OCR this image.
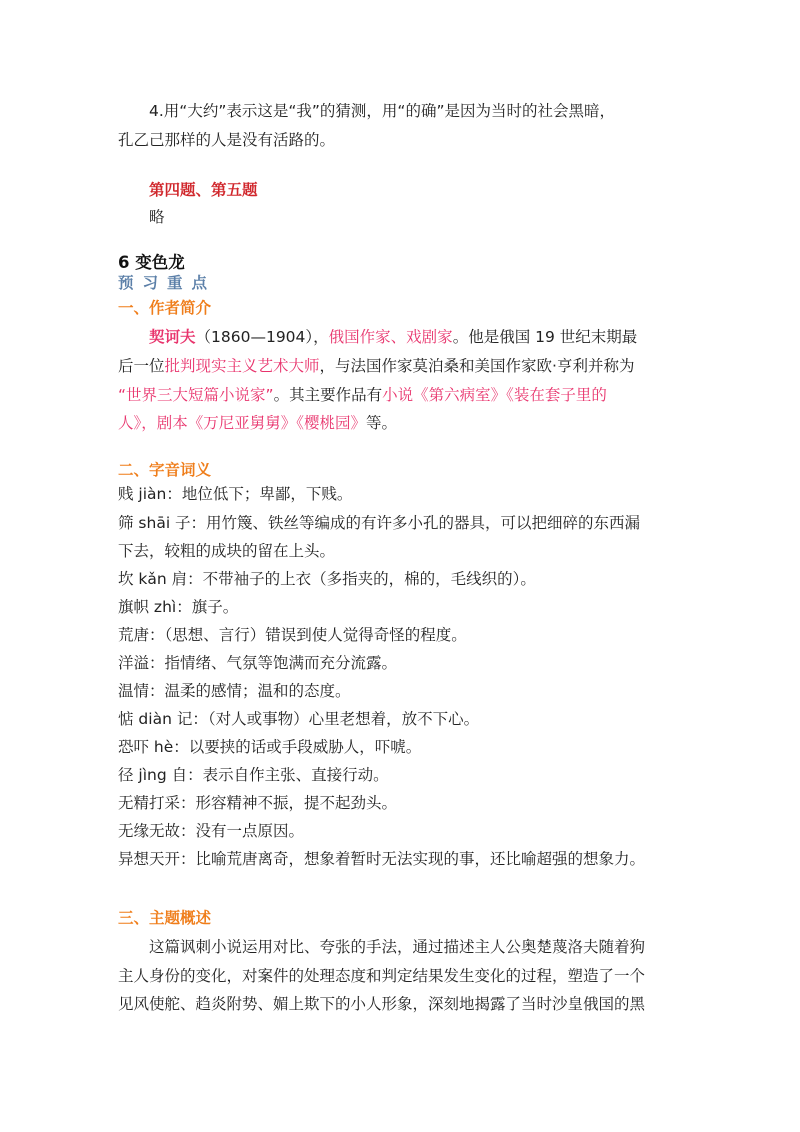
4.用“大约”表示这是“我”的猜测，用“的确”是因为当时的社会黑暗，
孔乙己那样的人是没有活路的。
第四题、第五题
略
6 变色龙
预习重点
一、作者简介
契诃夫（1860—1904），俄国作家、戏剧家。他是俄国 19 世纪末期最
后一位批判现实主义艺术大师，与法国作家莫泊桑和美国作家欧·亨利并称为
“世界三大短篇小说家”。其主要作品有小说《第六病室》《装在套子里的
人》，剧本《万尼亚舅舅》《樱桃园》等。
二、字音词义
贱 jiàn：地位低下；卑鄙，下贱。
筛 shāi 子：用竹篾、铁丝等编成的有许多小孔的器具，可以把细碎的东西漏
下去，较粗的成块的留在上头。
坎 kǎn 肩：不带袖子的上衣（多指夹的，棉的，毛线织的）。
旗帜 zhì：旗子。
荒唐：（思想、言行）错误到使人觉得奇怪的程度。
洋溢：指情绪、气氛等饱满而充分流露。
温情：温柔的感情；温和的态度。
惦 diàn 记：（对人或事物）心里老想着，放不下心。
恐吓 hè：以要挟的话或手段威胁人，吓唬。
径 jìng 自：表示自作主张、直接行动。
无精打采：形容精神不振，提不起劲头。
无缘无故：没有一点原因。
异想天开：比喻荒唐离奇，想象着暂时无法实现的事，还比喻超强的想象力。
三、主题概述
这篇讽刺小说运用对比、夸张的手法，通过描述主人公奥楚蔑洛夫随着狗
主人身份的变化，对案件的处理态度和判定结果发生变化的过程，塑造了一个
见风使舵、趋炎附势、媚上欺下的小人形象，深刻地揭露了当时沙皇俄国的黑
